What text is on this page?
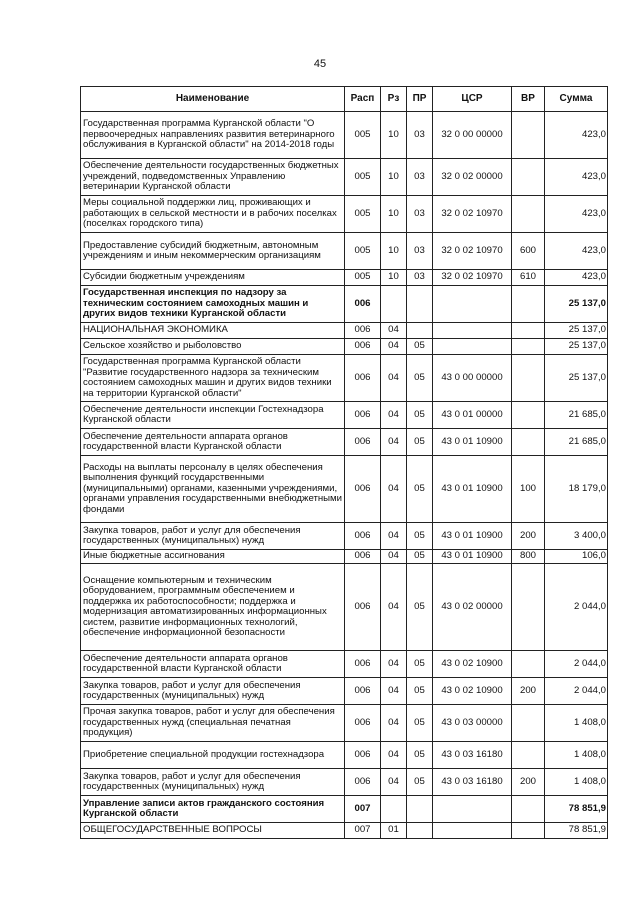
45
Наименование	Расп	Рз	ПР	ЦСР	ВР	Сумма
Государственная программа Курганской области "О первоочередных направлениях развития ветеринарного обслуживания в Курганской области" на 2014-2018 годы	005	10	03	32 0 00 00000		423,0
Обеспечение деятельности государственных бюджетных учреждений, подведомственных Управлению ветеринарии Курганской области	005	10	03	32 0 02 00000		423,0
Меры социальной поддержки лиц, проживающих и работающих в сельской местности и в рабочих поселках (поселках городского типа)	005	10	03	32 0 02 10970		423,0
Предоставление субсидий бюджетным, автономным учреждениям и иным некоммерческим организациям	005	10	03	32 0 02 10970	600	423,0
Субсидии бюджетным учреждениям	005	10	03	32 0 02 10970	610	423,0
Государственная инспекция по надзору за техническим состоянием самоходных машин и других видов техники Курганской области	006					25 137,0
НАЦИОНАЛЬНАЯ ЭКОНОМИКА	006	04				25 137,0
Сельское хозяйство и рыболовство	006	04	05			25 137,0
Государственная программа Курганской области "Развитие государственного надзора за техническим состоянием самоходных машин и других видов техники на территории Курганской области"	006	04	05	43 0 00 00000		25 137,0
Обеспечение деятельности инспекции Гостехнадзора Курганской области	006	04	05	43 0 01 00000		21 685,0
Обеспечение деятельности аппарата органов государственной власти Курганской области	006	04	05	43 0 01 10900		21 685,0
Расходы на выплаты персоналу в целях обеспечения выполнения функций государственными (муниципальными) органами, казенными учреждениями, органами управления государственными внебюджетными фондами	006	04	05	43 0 01 10900	100	18 179,0
Закупка товаров, работ и услуг для обеспечения государственных (муниципальных) нужд	006	04	05	43 0 01 10900	200	3 400,0
Иные бюджетные ассигнования	006	04	05	43 0 01 10900	800	106,0
Оснащение компьютерным и техническим оборудованием, программным обеспечением и поддержка их работоспособности; поддержка и модернизация автоматизированных информационных систем, развитие информационных технологий, обеспечение информационной безопасности	006	04	05	43 0 02 00000		2 044,0
Обеспечение деятельности аппарата органов государственной власти Курганской области	006	04	05	43 0 02 10900		2 044,0
Закупка товаров, работ и услуг для обеспечения государственных (муниципальных) нужд	006	04	05	43 0 02 10900	200	2 044,0
Прочая закупка товаров, работ и услуг для обеспечения государственных нужд (специальная печатная продукция)	006	04	05	43 0 03 00000		1 408,0
Приобретение специальной продукции гостехнадзора	006	04	05	43 0 03 16180		1 408,0
Закупка товаров, работ и услуг для обеспечения государственных (муниципальных) нужд	006	04	05	43 0 03 16180	200	1 408,0
Управление записи актов гражданского состояния Курганской области	007					78 851,9
ОБЩЕГОСУДАРСТВЕННЫЕ ВОПРОСЫ	007	01				78 851,9
